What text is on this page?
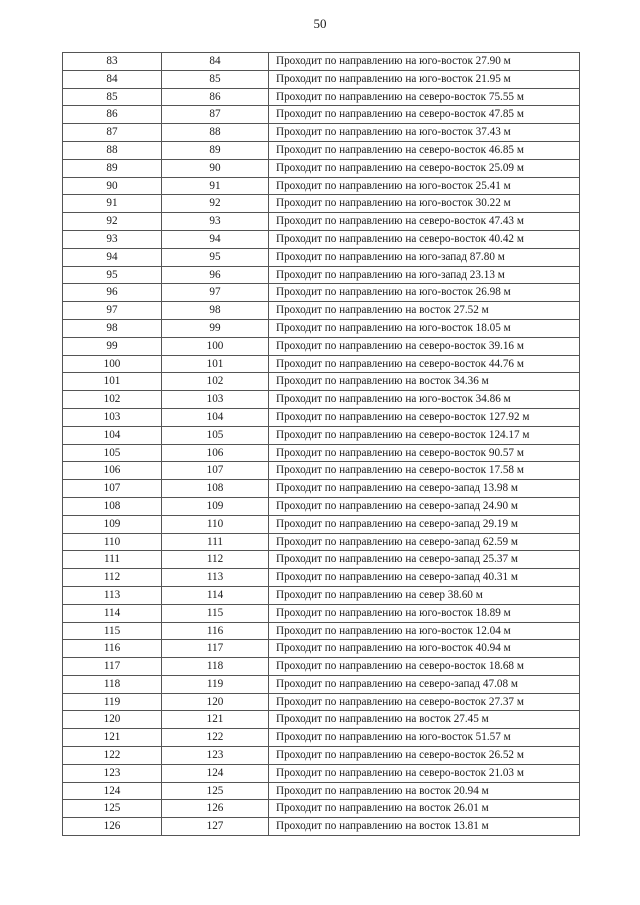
50
83	84	Проходит по направлению на юго-восток 27.90 м
84	85	Проходит по направлению на юго-восток 21.95 м
85	86	Проходит по направлению на северо-восток 75.55 м
86	87	Проходит по направлению на северо-восток 47.85 м
87	88	Проходит по направлению на юго-восток 37.43 м
88	89	Проходит по направлению на северо-восток 46.85 м
89	90	Проходит по направлению на северо-восток 25.09 м
90	91	Проходит по направлению на юго-восток 25.41 м
91	92	Проходит по направлению на юго-восток 30.22 м
92	93	Проходит по направлению на северо-восток 47.43 м
93	94	Проходит по направлению на северо-восток 40.42 м
94	95	Проходит по направлению на юго-запад 87.80 м
95	96	Проходит по направлению на юго-запад 23.13 м
96	97	Проходит по направлению на юго-восток 26.98 м
97	98	Проходит по направлению на восток 27.52 м
98	99	Проходит по направлению на юго-восток 18.05 м
99	100	Проходит по направлению на северо-восток 39.16 м
100	101	Проходит по направлению на северо-восток 44.76 м
101	102	Проходит по направлению на восток 34.36 м
102	103	Проходит по направлению на юго-восток 34.86 м
103	104	Проходит по направлению на северо-восток 127.92 м
104	105	Проходит по направлению на северо-восток 124.17 м
105	106	Проходит по направлению на северо-восток 90.57 м
106	107	Проходит по направлению на северо-восток 17.58 м
107	108	Проходит по направлению на северо-запад 13.98 м
108	109	Проходит по направлению на северо-запад 24.90 м
109	110	Проходит по направлению на северо-запад 29.19 м
110	111	Проходит по направлению на северо-запад 62.59 м
111	112	Проходит по направлению на северо-запад 25.37 м
112	113	Проходит по направлению на северо-запад 40.31 м
113	114	Проходит по направлению на север 38.60 м
114	115	Проходит по направлению на юго-восток 18.89 м
115	116	Проходит по направлению на юго-восток 12.04 м
116	117	Проходит по направлению на юго-восток 40.94 м
117	118	Проходит по направлению на северо-восток 18.68 м
118	119	Проходит по направлению на северо-запад 47.08 м
119	120	Проходит по направлению на северо-восток 27.37 м
120	121	Проходит по направлению на восток 27.45 м
121	122	Проходит по направлению на юго-восток 51.57 м
122	123	Проходит по направлению на северо-восток 26.52 м
123	124	Проходит по направлению на северо-восток 21.03 м
124	125	Проходит по направлению на восток 20.94 м
125	126	Проходит по направлению на восток 26.01 м
126	127	Проходит по направлению на восток 13.81 м
